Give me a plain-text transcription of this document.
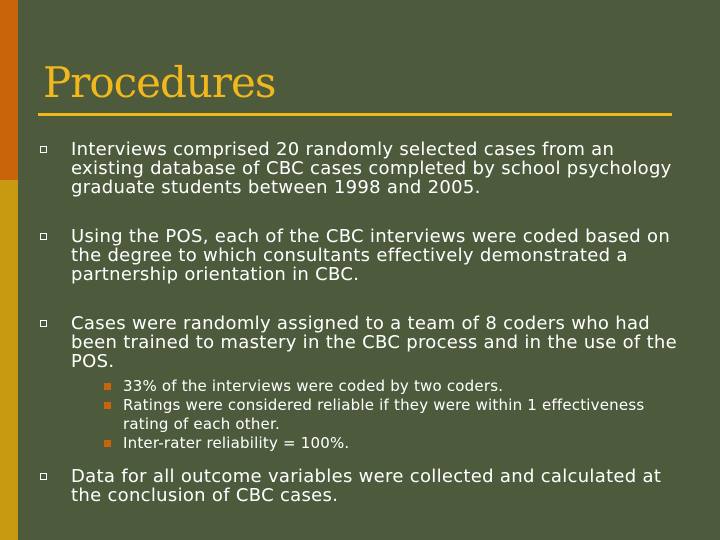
Procedures
Interviews comprised 20 randomly selected cases from an existing database of CBC cases completed by school psychology graduate students between 1998 and 2005.
Using the POS, each of the CBC interviews were coded based on the degree to which consultants effectively demonstrated a partnership orientation in CBC.
Cases were randomly assigned to a team of 8 coders who had been trained to mastery in the CBC process and in the use of the POS.
33% of the interviews were coded by two coders.
Ratings were considered reliable if they were within 1 effectiveness rating of each other.
Inter-rater reliability = 100%.
Data for all outcome variables were collected and calculated at the conclusion of CBC cases.
